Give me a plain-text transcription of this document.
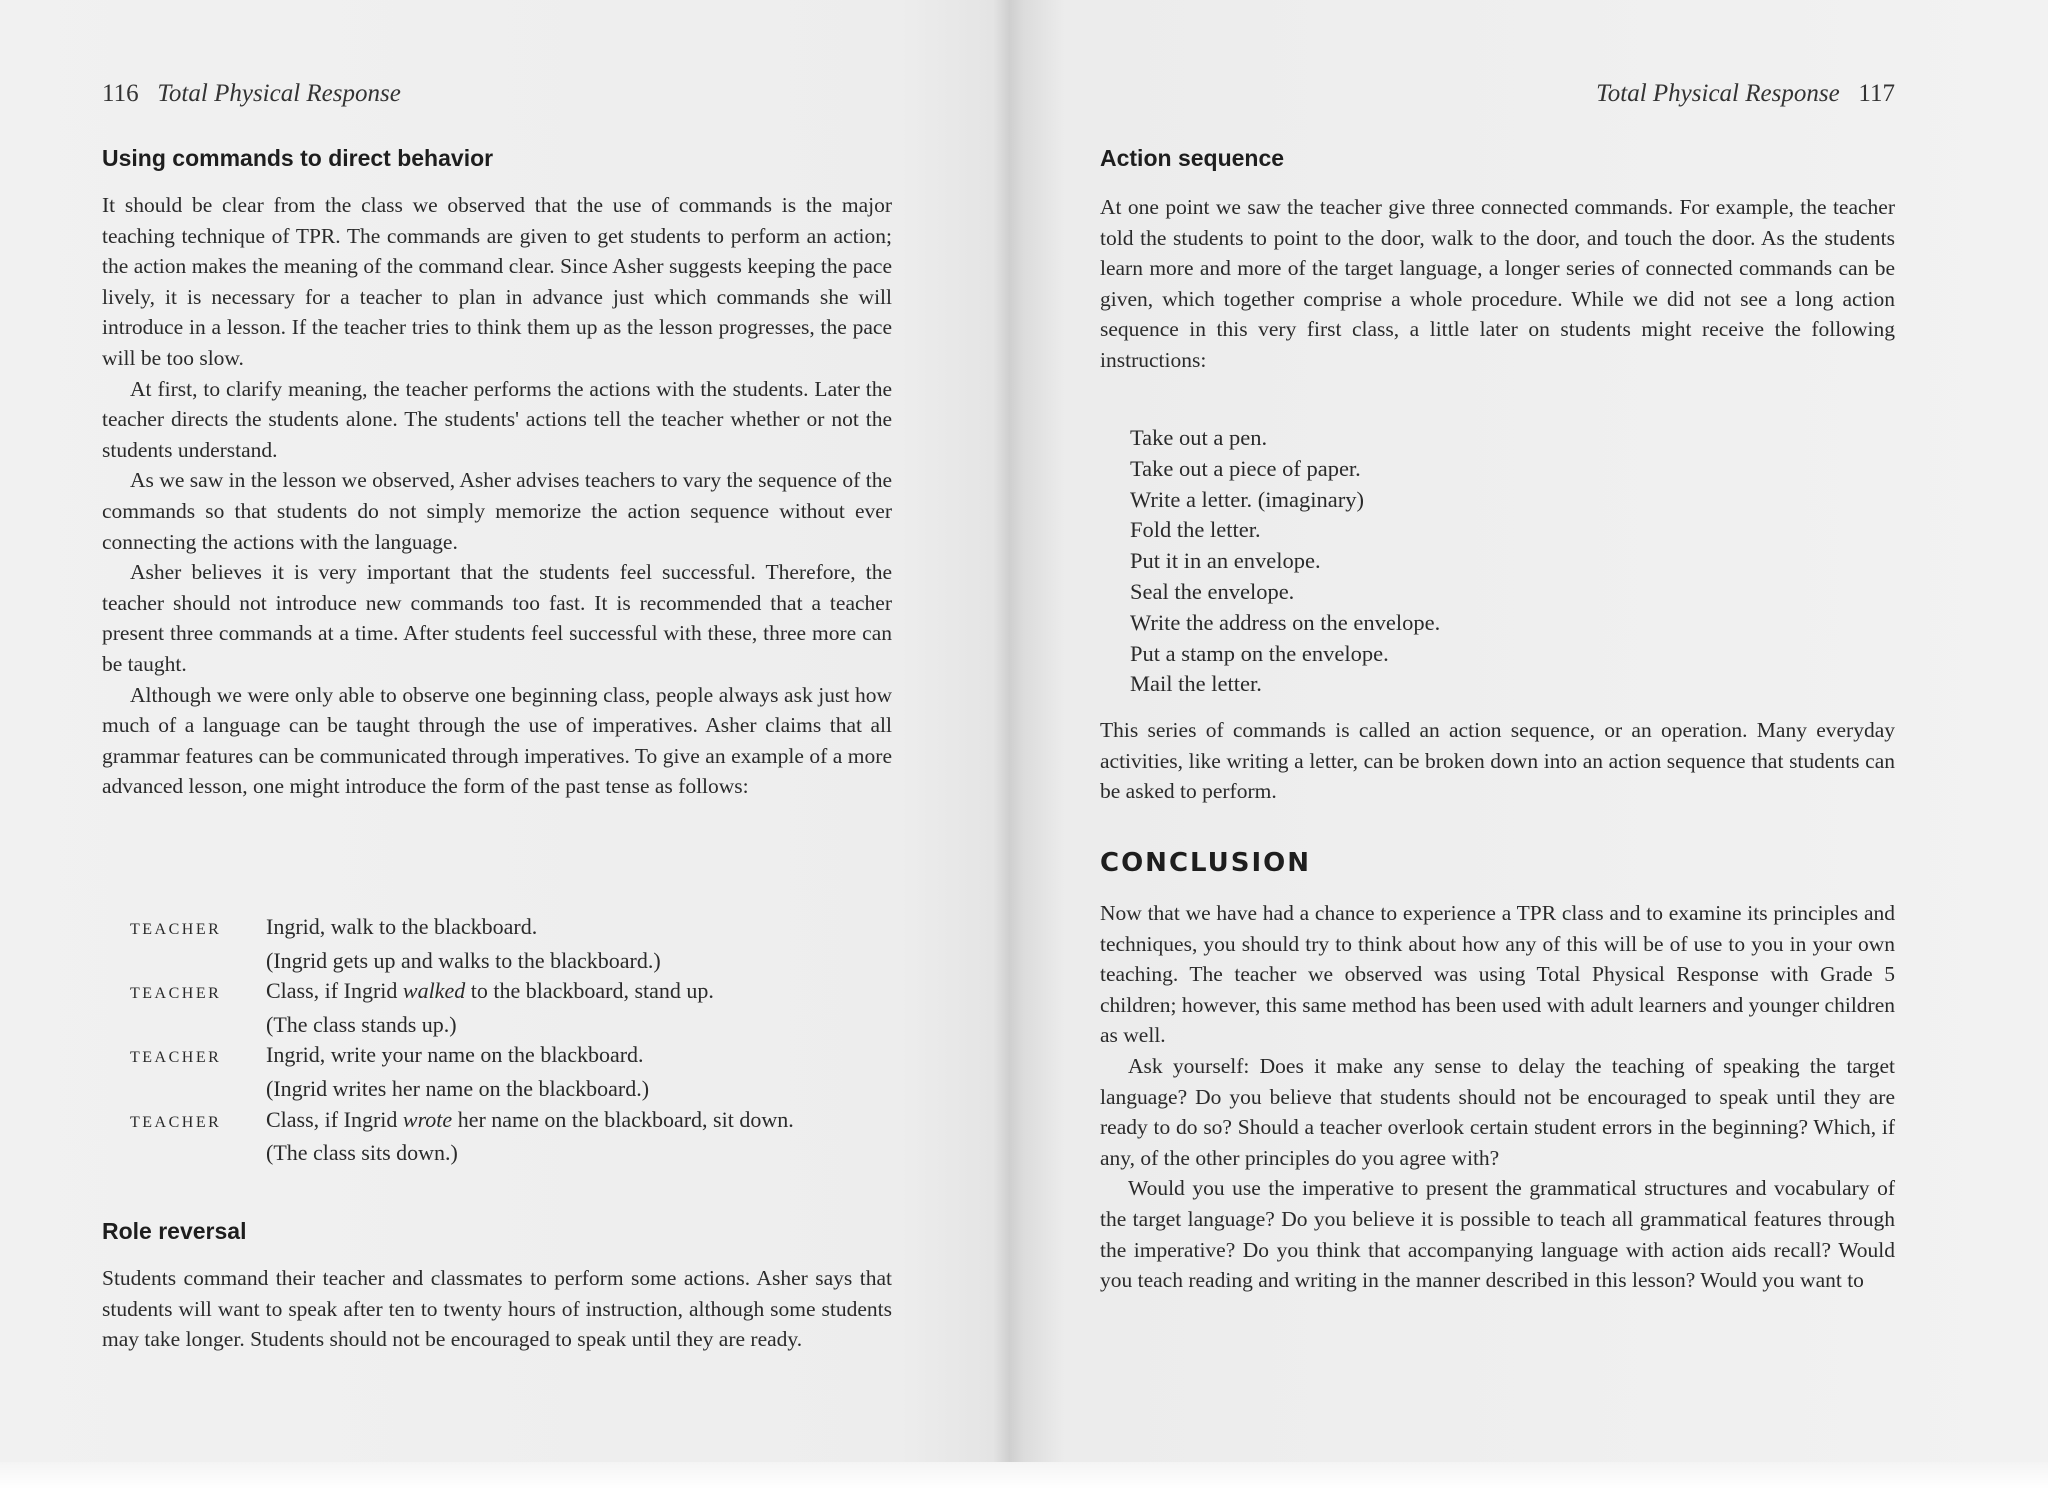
116 Total Physical Response
Using commands to direct behavior

It should be clear from the class we observed that the use of commands is the major teaching technique of TPR. The commands are given to get students to perform an action; the action makes the meaning of the command clear. Since Asher suggests keeping the pace lively, it is necessary for a teacher to plan in advance just which commands she will introduce in a lesson. If the teacher tries to think them up as the lesson progresses, the pace will be too slow.

At first, to clarify meaning, the teacher performs the actions with the students. Later the teacher directs the students alone. The students' actions tell the teacher whether or not the students understand.

As we saw in the lesson we observed, Asher advises teachers to vary the sequence of the commands so that students do not simply memorize the action sequence without ever connecting the actions with the language.

Asher believes it is very important that the students feel successful. Therefore, the teacher should not introduce new commands too fast. It is recommended that a teacher present three commands at a time. After students feel successful with these, three more can be taught.

Although we were only able to observe one beginning class, people always ask just how much of a language can be taught through the use of imperatives. Asher claims that all grammar features can be communicated through imperatives. To give an example of a more advanced lesson, one might introduce the form of the past tense as follows:

TEACHER	Ingrid, walk to the blackboard.
(Ingrid gets up and walks to the blackboard.)
TEACHER	Class, if Ingrid walked to the blackboard, stand up.
(The class stands up.)
TEACHER	Ingrid, write your name on the blackboard.
(Ingrid writes her name on the blackboard.)
TEACHER	Class, if Ingrid wrote her name on the blackboard, sit down.
(The class sits down.)
Role reversal

Students command their teacher and classmates to perform some actions. Asher says that students will want to speak after ten to twenty hours of instruction, although some students may take longer. Students should not be encouraged to speak until they are ready.

Total Physical Response 117
Action sequence

At one point we saw the teacher give three connected commands. For example, the teacher told the students to point to the door, walk to the door, and touch the door. As the students learn more and more of the target language, a longer series of connected commands can be given, which together comprise a whole procedure. While we did not see a long action sequence in this very first class, a little later on students might receive the following instructions:

Take out a pen.
Take out a piece of paper.
Write a letter. (imaginary)
Fold the letter.
Put it in an envelope.
Seal the envelope.
Write the address on the envelope.
Put a stamp on the envelope.
Mail the letter.

This series of commands is called an action sequence, or an operation. Many everyday activities, like writing a letter, can be broken down into an action sequence that students can be asked to perform.

CONCLUSION

Now that we have had a chance to experience a TPR class and to examine its principles and techniques, you should try to think about how any of this will be of use to you in your own teaching. The teacher we observed was using Total Physical Response with Grade 5 children; however, this same method has been used with adult learners and younger children as well.

Ask yourself: Does it make any sense to delay the teaching of speaking the target language? Do you believe that students should not be encouraged to speak until they are ready to do so? Should a teacher overlook certain student errors in the beginning? Which, if any, of the other principles do you agree with?

Would you use the imperative to present the grammatical structures and vocabulary of the target language? Do you believe it is possible to teach all grammatical features through the imperative? Do you think that accompanying language with action aids recall? Would you teach reading and writing in the manner described in this lesson? Would you want to
